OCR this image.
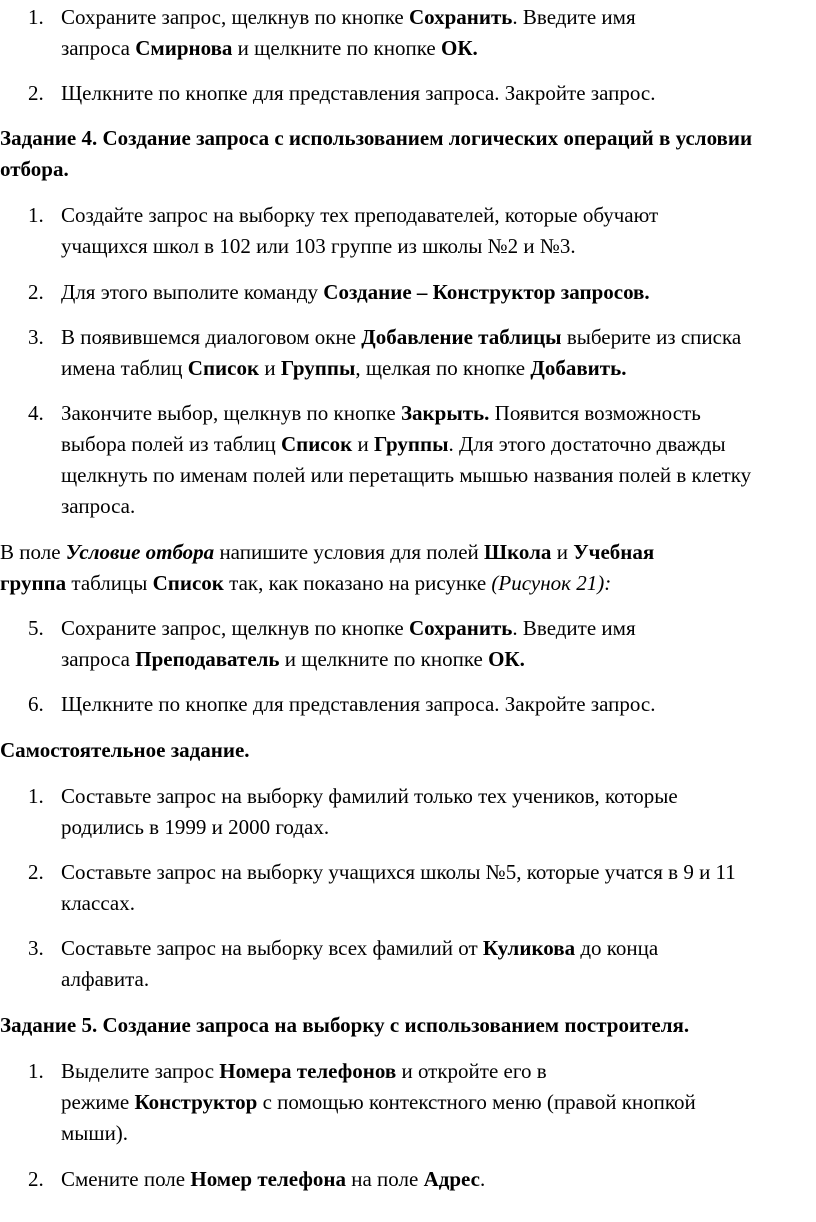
1. Сохраните запрос, щелкнув по кнопке Сохранить. Введите имя
запроса Смирнова и щелкните по кнопке ОК.
2. Щелкните по кнопке для представления запроса. Закройте запрос.
Задание 4. Создание запроса с использованием логических операций в условии отбора.
1. Создайте запрос на выборку тех преподавателей, которые обучают
учащихся школ в 102 или 103 группе из школы №2 и №3.
2. Для этого выполите команду Создание – Конструктор запросов.
3. В появившемся диалоговом окне Добавление таблицы выберите из списка
имена таблиц Список и Группы, щелкая по кнопке Добавить.
4. Закончите выбор, щелкнув по кнопке Закрыть. Появится возможность
выбора полей из таблиц Список и Группы. Для этого достаточно дважды
щелкнуть по именам полей или перетащить мышью названия полей в клетку
запроса.
В поле Условие отбора напишите условия для полей Школа и Учебная
группа таблицы Список так, как показано на рисунке (Рисунок 21):
5. Сохраните запрос, щелкнув по кнопке Сохранить. Введите имя
запроса Преподаватель и щелкните по кнопке ОК.
6. Щелкните по кнопке для представления запроса. Закройте запрос.
Самостоятельное задание.
1. Составьте запрос на выборку фамилий только тех учеников, которые
родились в 1999 и 2000 годах.
2. Составьте запрос на выборку учащихся школы №5, которые учатся в 9 и 11
классах.
3. Составьте запрос на выборку всех фамилий от Куликова до конца
алфавита.
Задание 5. Создание запроса на выборку с использованием построителя.
1. Выделите запрос Номера телефонов и откройте его в
режиме Конструктор с помощью контекстного меню (правой кнопкой
мыши).
2. Смените поле Номер телефона на поле Адрес.
